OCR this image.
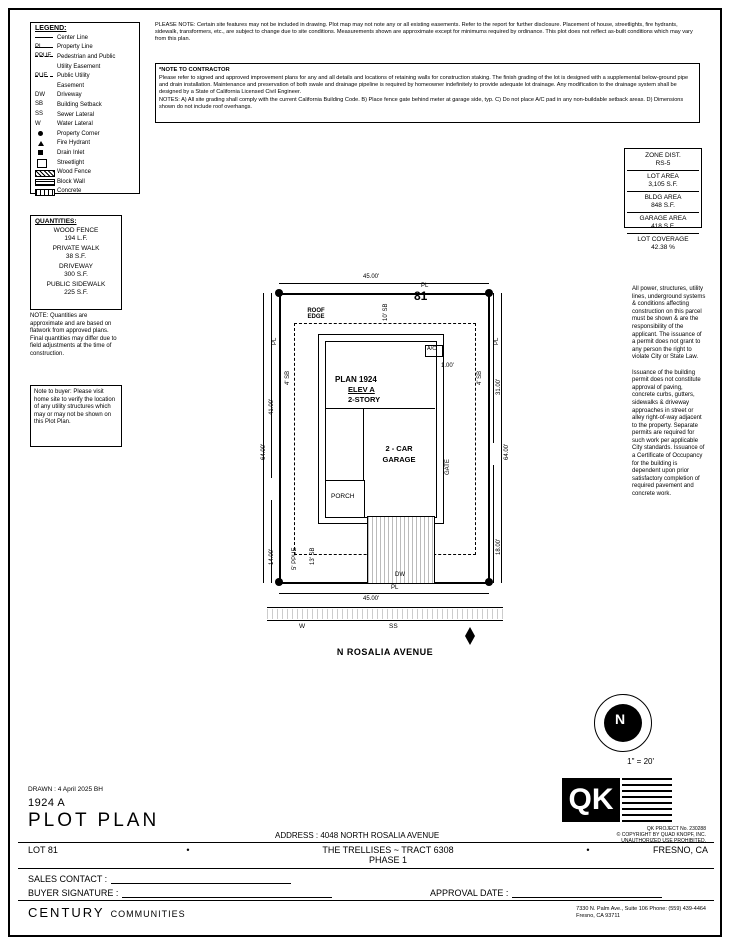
LEGEND:
Center Line
PL Property Line
PPUE Pedestrian and Public
Utility Easement
PUE Public Utility
Easement
DW Driveway
SB Building Setback
SS Sewer Lateral
W	Water Lateral
Property Corner
Fire Hydrant
Drain Inlet
Streetlight
Wood Fence
Block Wall
Concrete
QUANTITIES:
WOOD FENCE
194 L.F.
PRIVATE WALK
38 S.F.
DRIVEWAY
300 S.F.
PUBLIC SIDEWALK
225 S.F.
NOTE: Quantities are approximate and are based on flatwork from approved plans. Final quantities may differ due to field adjustments at the time of construction.
Note to buyer: Please visit home site to verify the location of any utility structures which may or may not be shown on this Plot Plan.
PLEASE NOTE: Certain site features may not be included in drawing. Plot map may not note any or all existing easements. Refer to the report for further disclosure. Placement of house, streetlights, fire hydrants, sidewalk, transformers, etc., are subject to change due to site conditions. Measurements shown are approximate except for minimums required by ordinance. This plot does not reflect as-built conditions which may vary from this plan.
*NOTE TO CONTRACTOR
Please refer to signed and approved improvement plans for any and all details and locations of retaining walls for construction staking. The finish grading of the lot is designed with a supplemental below-ground pipe and drain installation. Maintenance and preservation of both swale and drainage pipeline is required by homeowner indefinitely to provide adequate lot drainage. Any modification to the drainage system shall be designed by a State of California Licensed Civil Engineer.
NOTES: A) All site grading shall comply with the current California Building Code. B) Place fence gate behind meter at garage side, typ. C) Do not place A/C pad in any non-buildable setback areas. D) Dimensions shown do not include roof overhangs.
ZONE DIST.
RS-5
LOT AREA
3,105 S.F.
BLDG AREA
848 S.F.
GARAGE AREA
418 S.F.
LOT COVERAGE
42.38 %
All power, structures, utility lines, underground systems & conditions affecting construction on this parcel must be shown & are the responsibility of the applicant. The issuance of a permit does not grant to any person the right to violate City or State Law.

Issuance of the building permit does not constitute approval of paving, concrete curbs, gutters, sidewalks & driveway approaches in street or alley right-of-way adjacent to the property. Separate permits are required for such work per applicable City standards. Issuance of a Certificate of Occupancy for the building is dependent upon prior satisfactory completion of required pavement and concrete work.
45.00'
45.00'
64.00'
41.00'
14.00'
64.00'
31.00'
18.00'
4' SB	4' SB
10' SB
13' SB
5' PPUE
1.00'
81
ROOF
EDGE
A/C
PLAN 1924
ELEV A
2-STORY
2 - CAR
GARAGE
PORCH
GATE
DW
PL
PL	PL
PL
W	SS
N ROSALIA AVENUE
N
1" = 20'
QK
QK PROJECT No. 230288
© COPYRIGHT BY QUAD KNOPF, INC.
UNAUTHORIZED USE PROHIBITED.
DRAWN : 4 April 2025 BH
1924 A
PLOT PLAN
ADDRESS : 4048 NORTH ROSALIA AVENUE
LOT 81	•	THE TRELLISES ~ TRACT 6308
PHASE 1
•	FRESNO, CA
SALES CONTACT :
BUYER SIGNATURE :	APPROVAL DATE :
CENTURY COMMUNITIES	7330 N. Palm Ave., Suite 106 Phone: (559) 439-4464
Fresno, CA 93711
